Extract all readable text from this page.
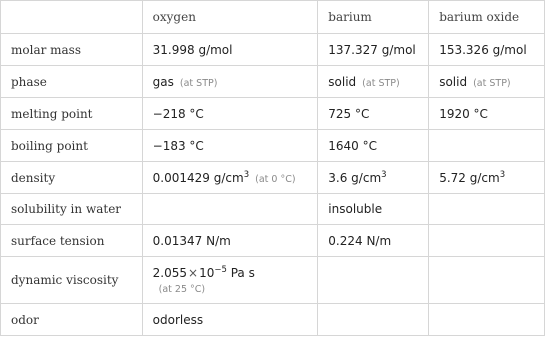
	oxygen	barium	barium oxide
molar mass	31.998 g/mol	137.327 g/mol	153.326 g/mol
phase	gas (at STP)	solid (at STP)	solid (at STP)
melting point	−218 °C	725 °C	1920 °C
boiling point	−183 °C	1640 °C	
density	0.001429 $g/cm^3$ (at 0 °C)	3.6 $g/cm^3$	5.72 $g/cm^3$
solubility in water		insoluble	
surface tension	0.01347 N/m	0.224 N/m	
dynamic viscosity	$2.055\times 10^{-5}$ Pa s
(at 25 °C)		

odor	odorless		
